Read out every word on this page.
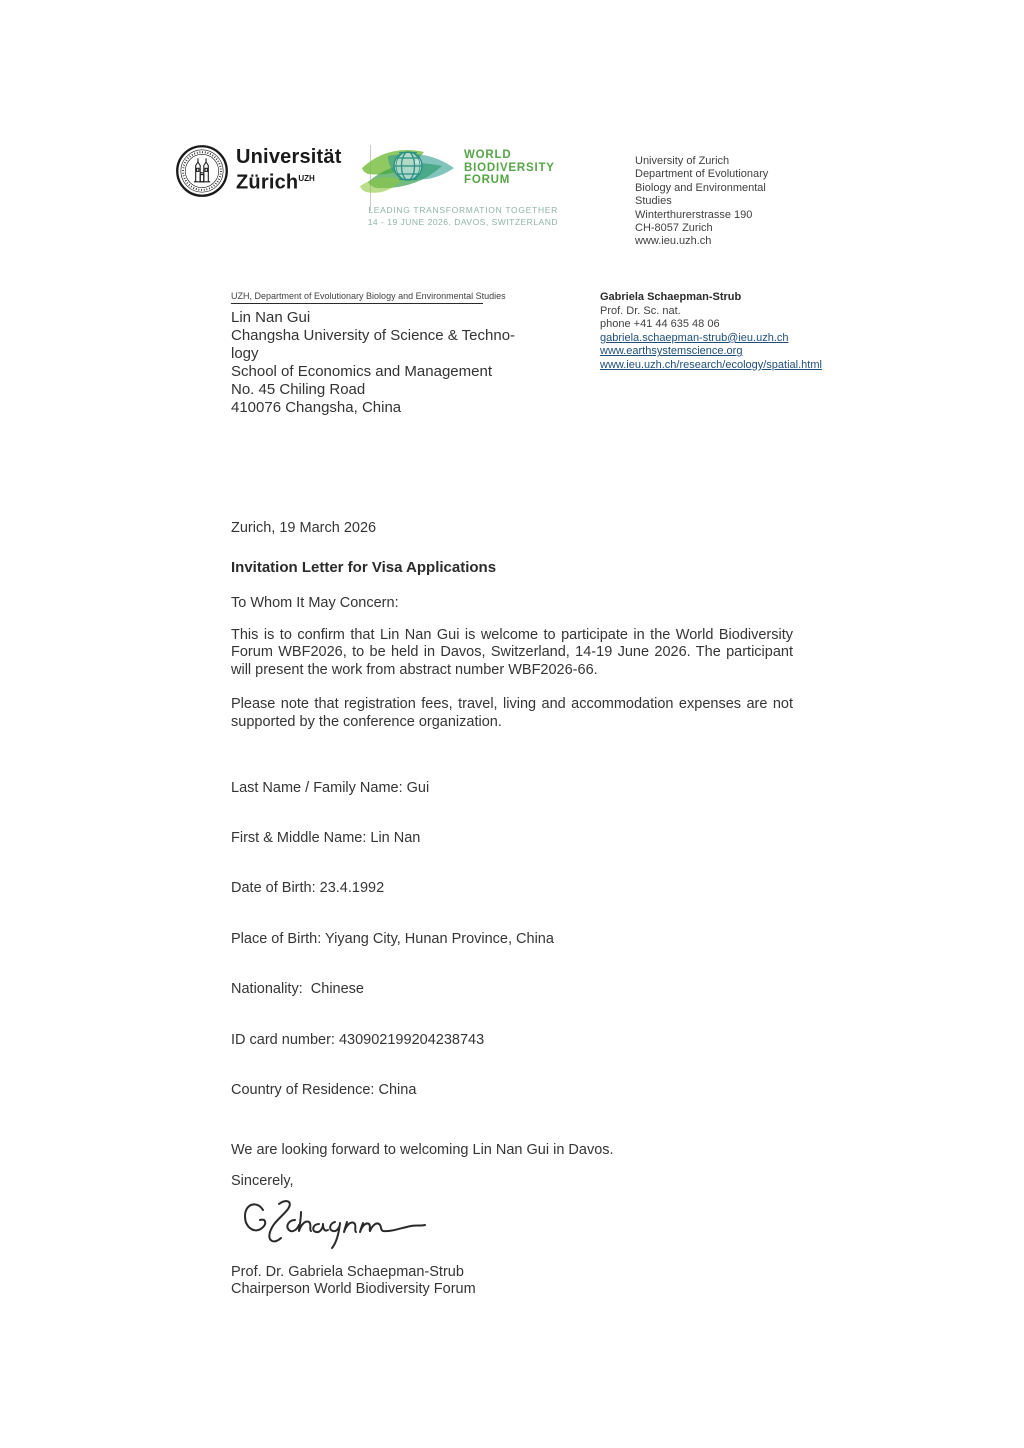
Universität
Zürich$^{UZH}$
WORLD
BIODIVERSITY
FORUM
LEADING TRANSFORMATION TOGETHER
14 - 19 JUNE 2026, DAVOS, SWITZERLAND
University of Zurich
Department of Evolutionary
Biology and Environmental
Studies
Winterthurerstrasse 190
CH-8057 Zurich
www.ieu.uzh.ch
UZH, Department of Evolutionary Biology and Environmental Studies
Lin Nan Gui
Changsha University of Science & Techno-
logy
School of Economics and Management
No. 45 Chiling Road
410076 Changsha, China
Gabriela Schaepman-Strub
Prof. Dr. Sc. nat.
phone +41 44 635 48 06
gabriela.schaepman-strub@ieu.uzh.ch
www.earthsystemscience.org
www.ieu.uzh.ch/research/ecology/spatial.html
Zurich, 19 March 2026
Invitation Letter for Visa Applications
To Whom It May Concern:
This is to confirm that Lin Nan Gui is welcome to participate in the World Biodiversity Forum WBF2026, to be held in Davos, Switzerland, 14-19 June 2026. The participant will present the work from abstract number WBF2026-66.
Please note that registration fees, travel, living and accommodation expenses are not supported by the conference organization.

Last Name / Family Name: Gui

First & Middle Name: Lin Nan

Date of Birth: 23.4.1992

Place of Birth: Yiyang City, Hunan Province, China

Nationality:  Chinese

ID card number: 430902199204238743

Country of Residence: China

We are looking forward to welcoming Lin Nan Gui in Davos.
Sincerely,
Prof. Dr. Gabriela Schaepman-Strub
Chairperson World Biodiversity Forum
